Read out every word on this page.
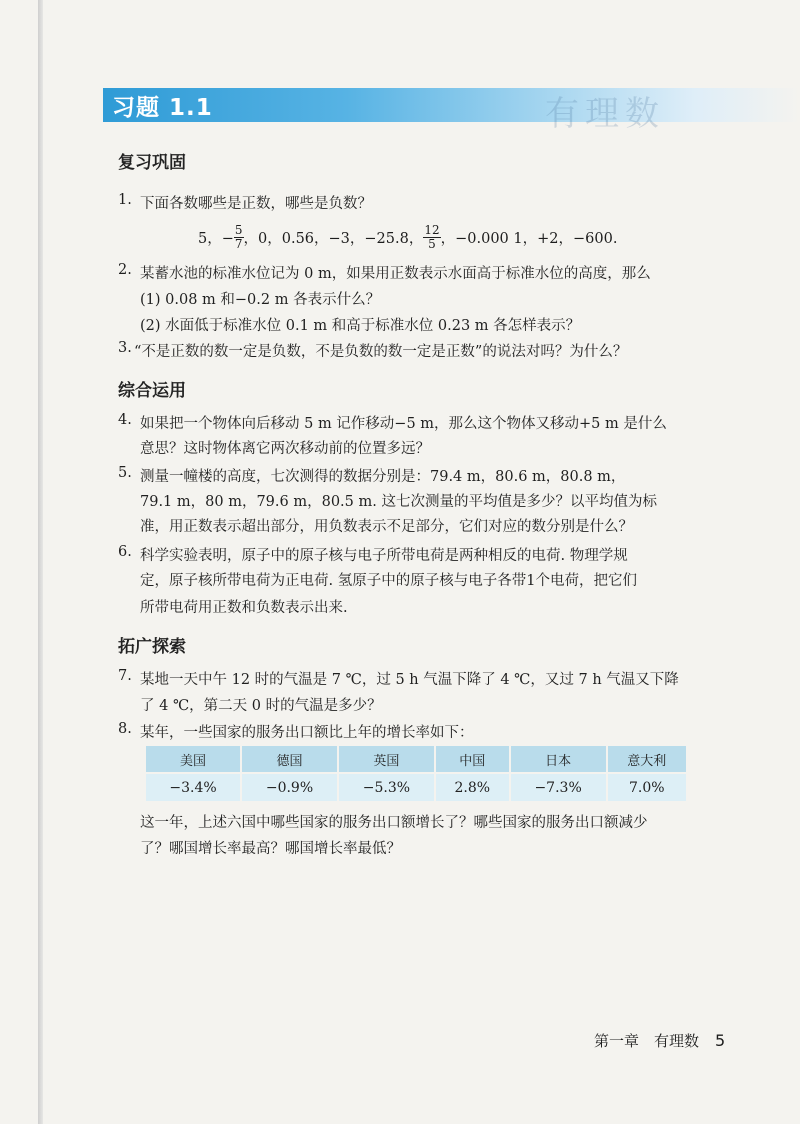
习题 1.1	有理数
复习巩固
1. 下面各数哪些是正数，哪些是负数？
5，− $\frac{5}{7}$ ，0，0.56，−3，−25.8， $\frac{12}{5}$ ，−0.000 1，+2，−600.
2. 某蓄水池的标准水位记为 0 m，如果用正数表示水面高于标准水位的高度，那么
(1) 0.08 m 和−0.2 m 各表示什么？
(2) 水面低于标准水位 0.1 m 和高于标准水位 0.23 m 各怎样表示？
3. “不是正数的数一定是负数，不是负数的数一定是正数”的说法对吗？为什么？
综合运用
4. 如果把一个物体向后移动 5 m 记作移动−5 m，那么这个物体又移动+5 m 是什么
意思？这时物体离它两次移动前的位置多远？
5. 测量一幢楼的高度，七次测得的数据分别是：79.4 m，80.6 m，80.8 m，
79.1 m，80 m，79.6 m，80.5 m. 这七次测量的平均值是多少？以平均值为标
准，用正数表示超出部分，用负数表示不足部分，它们对应的数分别是什么？
6. 科学实验表明，原子中的原子核与电子所带电荷是两种相反的电荷. 物理学规
定，原子核所带电荷为正电荷. 氢原子中的原子核与电子各带1个电荷，把它们
所带电荷用正数和负数表示出来.
拓广探索
7. 某地一天中午 12 时的气温是 7 ℃，过 5 h 气温下降了 4 ℃，又过 7 h 气温又下降
了 4 ℃，第二天 0 时的气温是多少？
8. 某年，一些国家的服务出口额比上年的增长率如下：
美国	德国	英国	中国	日本	意大利
−3.4%	−0.9%	−5.3%	2.8%	−7.3%	7.0%
这一年，上述六国中哪些国家的服务出口额增长了？哪些国家的服务出口额减少
了？哪国增长率最高？哪国增长率最低？
第一章　有理数 5
